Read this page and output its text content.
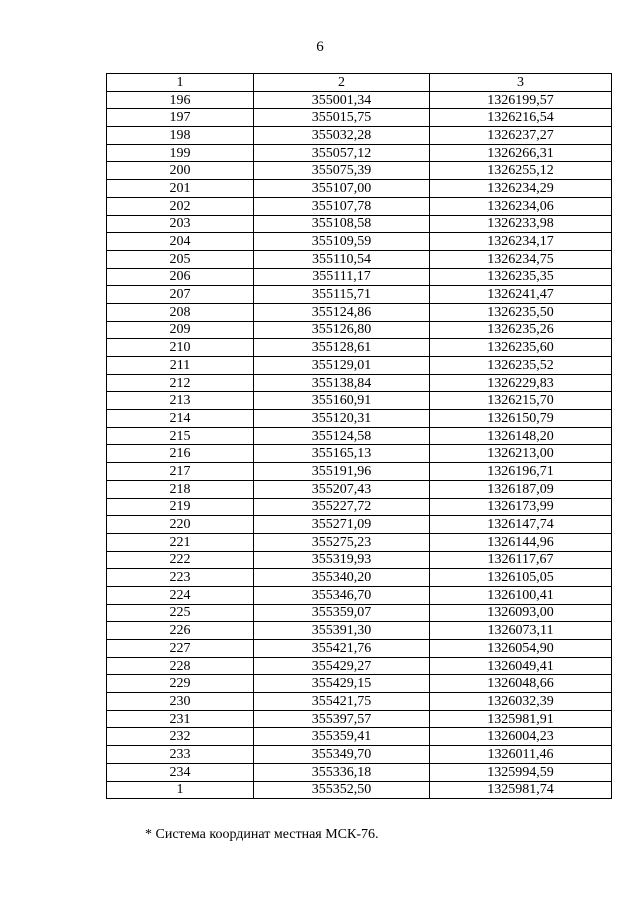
6
1	2	3
196	355001,34	1326199,57
197	355015,75	1326216,54
198	355032,28	1326237,27
199	355057,12	1326266,31
200	355075,39	1326255,12
201	355107,00	1326234,29
202	355107,78	1326234,06
203	355108,58	1326233,98
204	355109,59	1326234,17
205	355110,54	1326234,75
206	355111,17	1326235,35
207	355115,71	1326241,47
208	355124,86	1326235,50
209	355126,80	1326235,26
210	355128,61	1326235,60
211	355129,01	1326235,52
212	355138,84	1326229,83
213	355160,91	1326215,70
214	355120,31	1326150,79
215	355124,58	1326148,20
216	355165,13	1326213,00
217	355191,96	1326196,71
218	355207,43	1326187,09
219	355227,72	1326173,99
220	355271,09	1326147,74
221	355275,23	1326144,96
222	355319,93	1326117,67
223	355340,20	1326105,05
224	355346,70	1326100,41
225	355359,07	1326093,00
226	355391,30	1326073,11
227	355421,76	1326054,90
228	355429,27	1326049,41
229	355429,15	1326048,66
230	355421,75	1326032,39
231	355397,57	1325981,91
232	355359,41	1326004,23
233	355349,70	1326011,46
234	355336,18	1325994,59
1	355352,50	1325981,74
* Система координат местная МСК-76.
